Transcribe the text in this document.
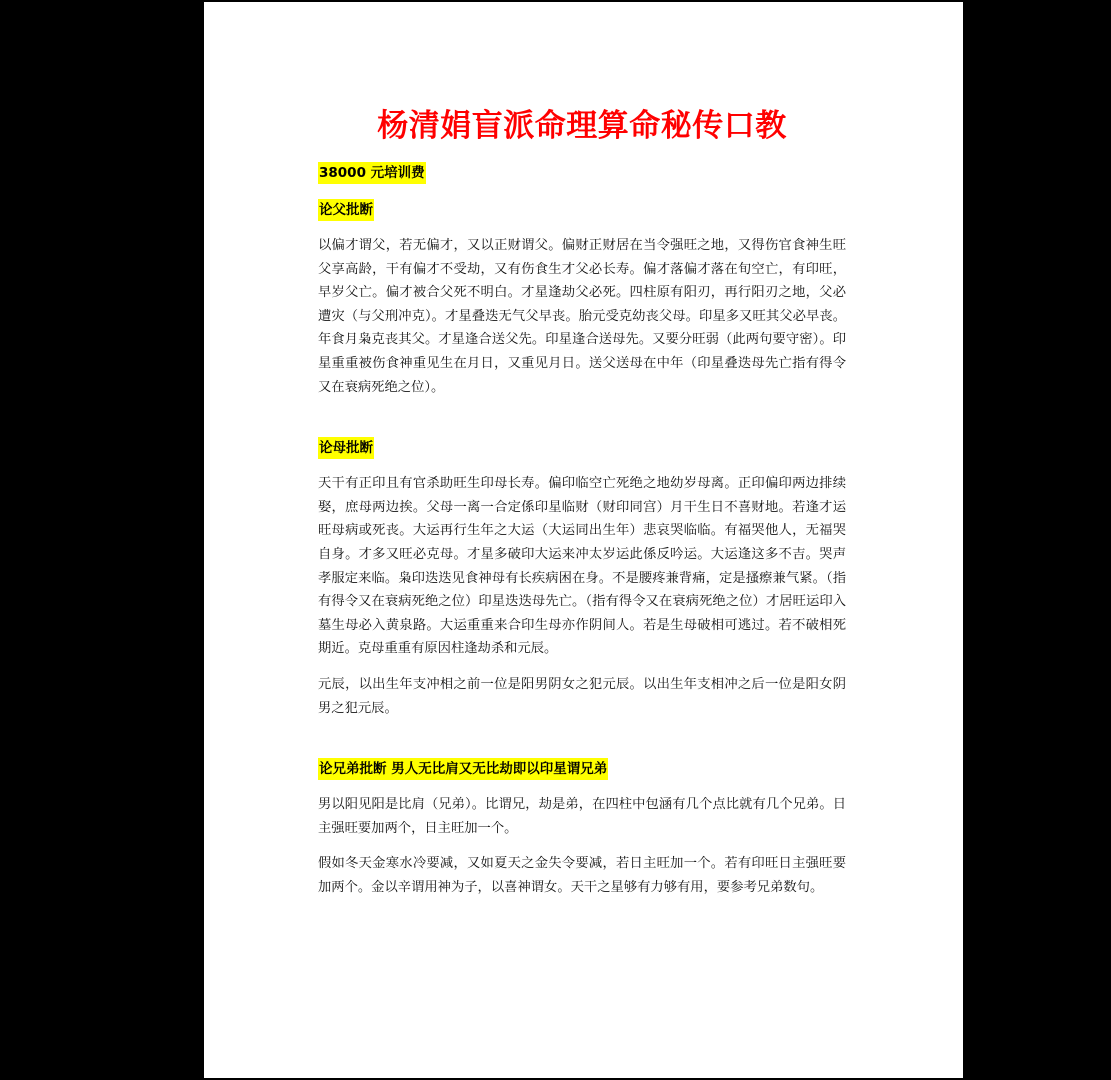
杨清娟盲派命理算命秘传口教
38000 元培训费
论父批断

以偏才谓父，若无偏才，又以正财谓父。偏财正财居在当令强旺之地，又得伤官食神生旺父享高龄，干有偏才不受劫，又有伤食生才父必长寿。偏才落偏才落在旬空亡，有印旺，早岁父亡。偏才被合父死不明白。才星逢劫父必死。四柱原有阳刃，再行阳刃之地，父必遭灾（与父刑冲克）。才星叠迭无气父早丧。胎元受克幼丧父母。印星多又旺其父必早丧。年食月枭克丧其父。才星逢合送父先。印星逢合送母先。又要分旺弱（此两句要守密）。印星重重被伤食神重见生在月日，又重见月日。送父送母在中年（印星叠迭母先亡指有得令又在衰病死绝之位）。

论母批断

天干有正印且有官杀助旺生印母长寿。偏印临空亡死绝之地幼岁母离。正印偏印两边排续娶，庶母两边挨。父母一离一合定係印星临财（财印同宫）月干生日不喜财地。若逢才运旺母病或死丧。大运再行生年之大运（大运同出生年）悲哀哭临临。有福哭他人，无福哭自身。才多又旺必克母。才星多破印大运来冲太岁运此係反吟运。大运逢这多不吉。哭声孝服定来临。枭印迭迭见食神母有长疾病困在身。不是腰疼兼背痛，定是搔瘵兼气紧。（指有得令又在衰病死绝之位）印星迭迭母先亡。（指有得令又在衰病死绝之位）才居旺运印入墓生母必入黄泉路。大运重重来合印生母亦作阴间人。若是生母破相可逃过。若不破相死期近。克母重重有原因柱逢劫杀和元辰。

元辰，以出生年支冲相之前一位是阳男阴女之犯元辰。以出生年支相冲之后一位是阳女阴男之犯元辰。

论兄弟批断 男人无比肩又无比劫即以印星谓兄弟

男以阳见阳是比肩（兄弟）。比谓兄，劫是弟，在四柱中包涵有几个点比就有几个兄弟。日主强旺要加两个，日主旺加一个。

假如冬天金寒水冷要减，又如夏天之金失令要减，若日主旺加一个。若有印旺日主强旺要加两个。金以辛谓用神为子，以喜神谓女。天干之星够有力够有用，要参考兄弟数句。
